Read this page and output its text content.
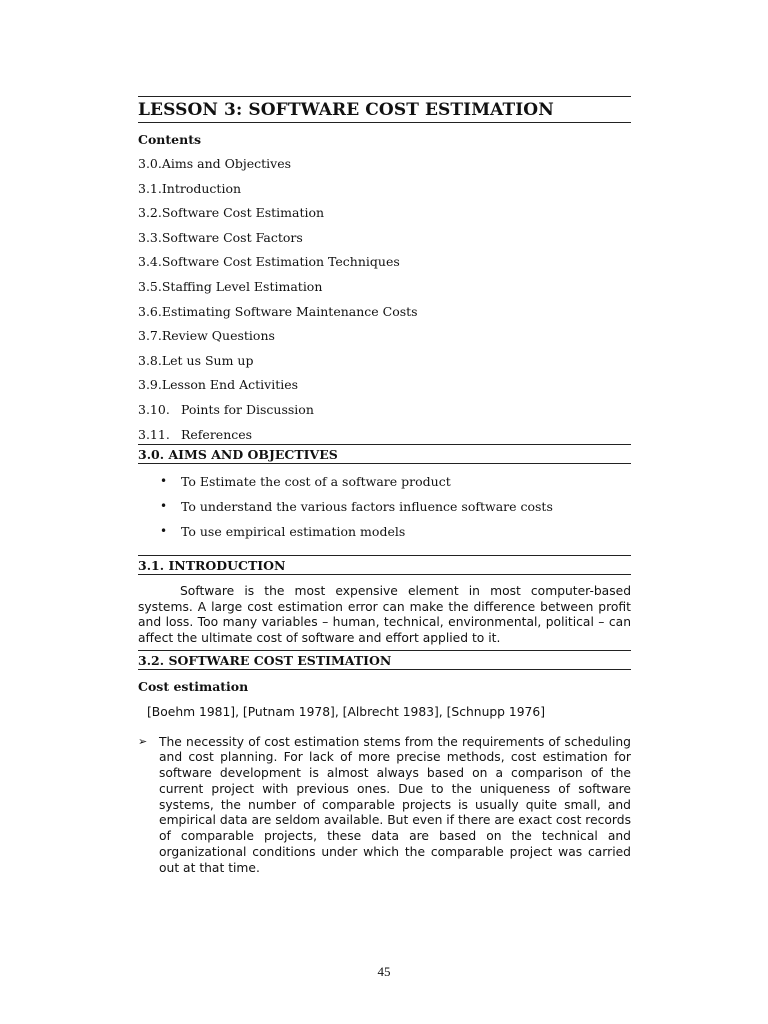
LESSON 3: SOFTWARE COST ESTIMATION
Contents
3.0.Aims and Objectives
3.1.Introduction
3.2.Software Cost Estimation
3.3.Software Cost Factors
3.4.Software Cost Estimation Techniques
3.5.Staffing Level Estimation
3.6.Estimating Software Maintenance Costs
3.7.Review Questions
3.8.Let us Sum up
3.9.Lesson End Activities
3.10. Points for Discussion
3.11. References
3.0. AIMS AND OBJECTIVES
• To Estimate the cost of a software product
• To understand the various factors influence software costs
• To use empirical estimation models
3.1. INTRODUCTION

Software is the most expensive element in most computer-based systems. A large cost estimation error can make the difference between profit and loss. Too many variables – human, technical, environmental, political – can affect the ultimate cost of software and effort applied to it.

3.2. SOFTWARE COST ESTIMATION
Cost estimation
[Boehm 1981], [Putnam 1978], [Albrecht 1983], [Schnupp 1976]
➢ The necessity of cost estimation stems from the requirements of scheduling and cost planning. For lack of more precise methods, cost estimation for software development is almost always based on a comparison of the current project with previous ones. Due to the uniqueness of software systems, the number of comparable projects is usually quite small, and empirical data are seldom available. But even if there are exact cost records of comparable projects, these data are based on the technical and organizational conditions under which the comparable project was carried out at that time.
45
